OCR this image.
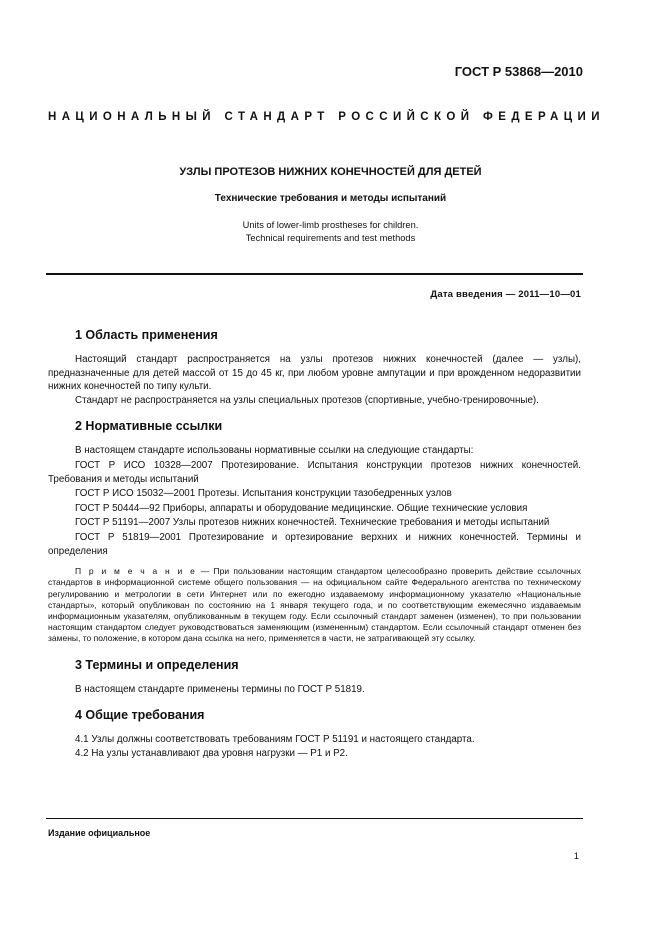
ГОСТ Р 53868—2010
НАЦИОНАЛЬНЫЙ СТАНДАРТ РОССИЙСКОЙ ФЕДЕРАЦИИ
УЗЛЫ ПРОТЕЗОВ НИЖНИХ КОНЕЧНОСТЕЙ ДЛЯ ДЕТЕЙ
Технические требования и методы испытаний
Units of lower-limb prostheses for children.
Technical requirements and test methods
Дата введения — 2011—10—01
1 Область применения

Настоящий стандарт распространяется на узлы протезов нижних конечностей (далее — узлы), предназначенные для детей массой от 15 до 45 кг, при любом уровне ампутации и при врожденном недоразвитии нижних конечностей по типу культи.

Стандарт не распространяется на узлы специальных протезов (спортивные, учебно-тренировочные).

2 Нормативные ссылки

В настоящем стандарте использованы нормативные ссылки на следующие стандарты:

ГОСТ Р ИСО 10328—2007 Протезирование. Испытания конструкции протезов нижних конечностей. Требования и методы испытаний

ГОСТ Р ИСО 15032—2001 Протезы. Испытания конструкции тазобедренных узлов

ГОСТ Р 50444—92 Приборы, аппараты и оборудование медицинские. Общие технические условия

ГОСТ Р 51191—2007 Узлы протезов нижних конечностей. Технические требования и методы испытаний

ГОСТ Р 51819—2001 Протезирование и ортезирование верхних и нижних конечностей. Термины и определения

П р и м е ч а н и е — При пользовании настоящим стандартом целесообразно проверить действие ссылочных стандартов в информационной системе общего пользования — на официальном сайте Федерального агентства по техническому регулированию и метрологии в сети Интернет или по ежегодно издаваемому информационному указателю «Национальные стандарты», который опубликован по состоянию на 1 января текущего года, и по соответствующим ежемесячно издаваемым информационным указателям, опубликованным в текущем году. Если ссылочный стандарт заменен (изменен), то при пользовании настоящим стандартом следует руководствоваться заменяющим (измененным) стандартом. Если ссылочный стандарт отменен без замены, то положение, в котором дана ссылка на него, применяется в части, не затрагивающей эту ссылку.

3 Термины и определения

В настоящем стандарте применены термины по ГОСТ Р 51819.

4 Общие требования

4.1 Узлы должны соответствовать требованиям ГОСТ Р 51191 и настоящего стандарта.

4.2 На узлы устанавливают два уровня нагрузки — P1 и P2.

Издание официальное
1
